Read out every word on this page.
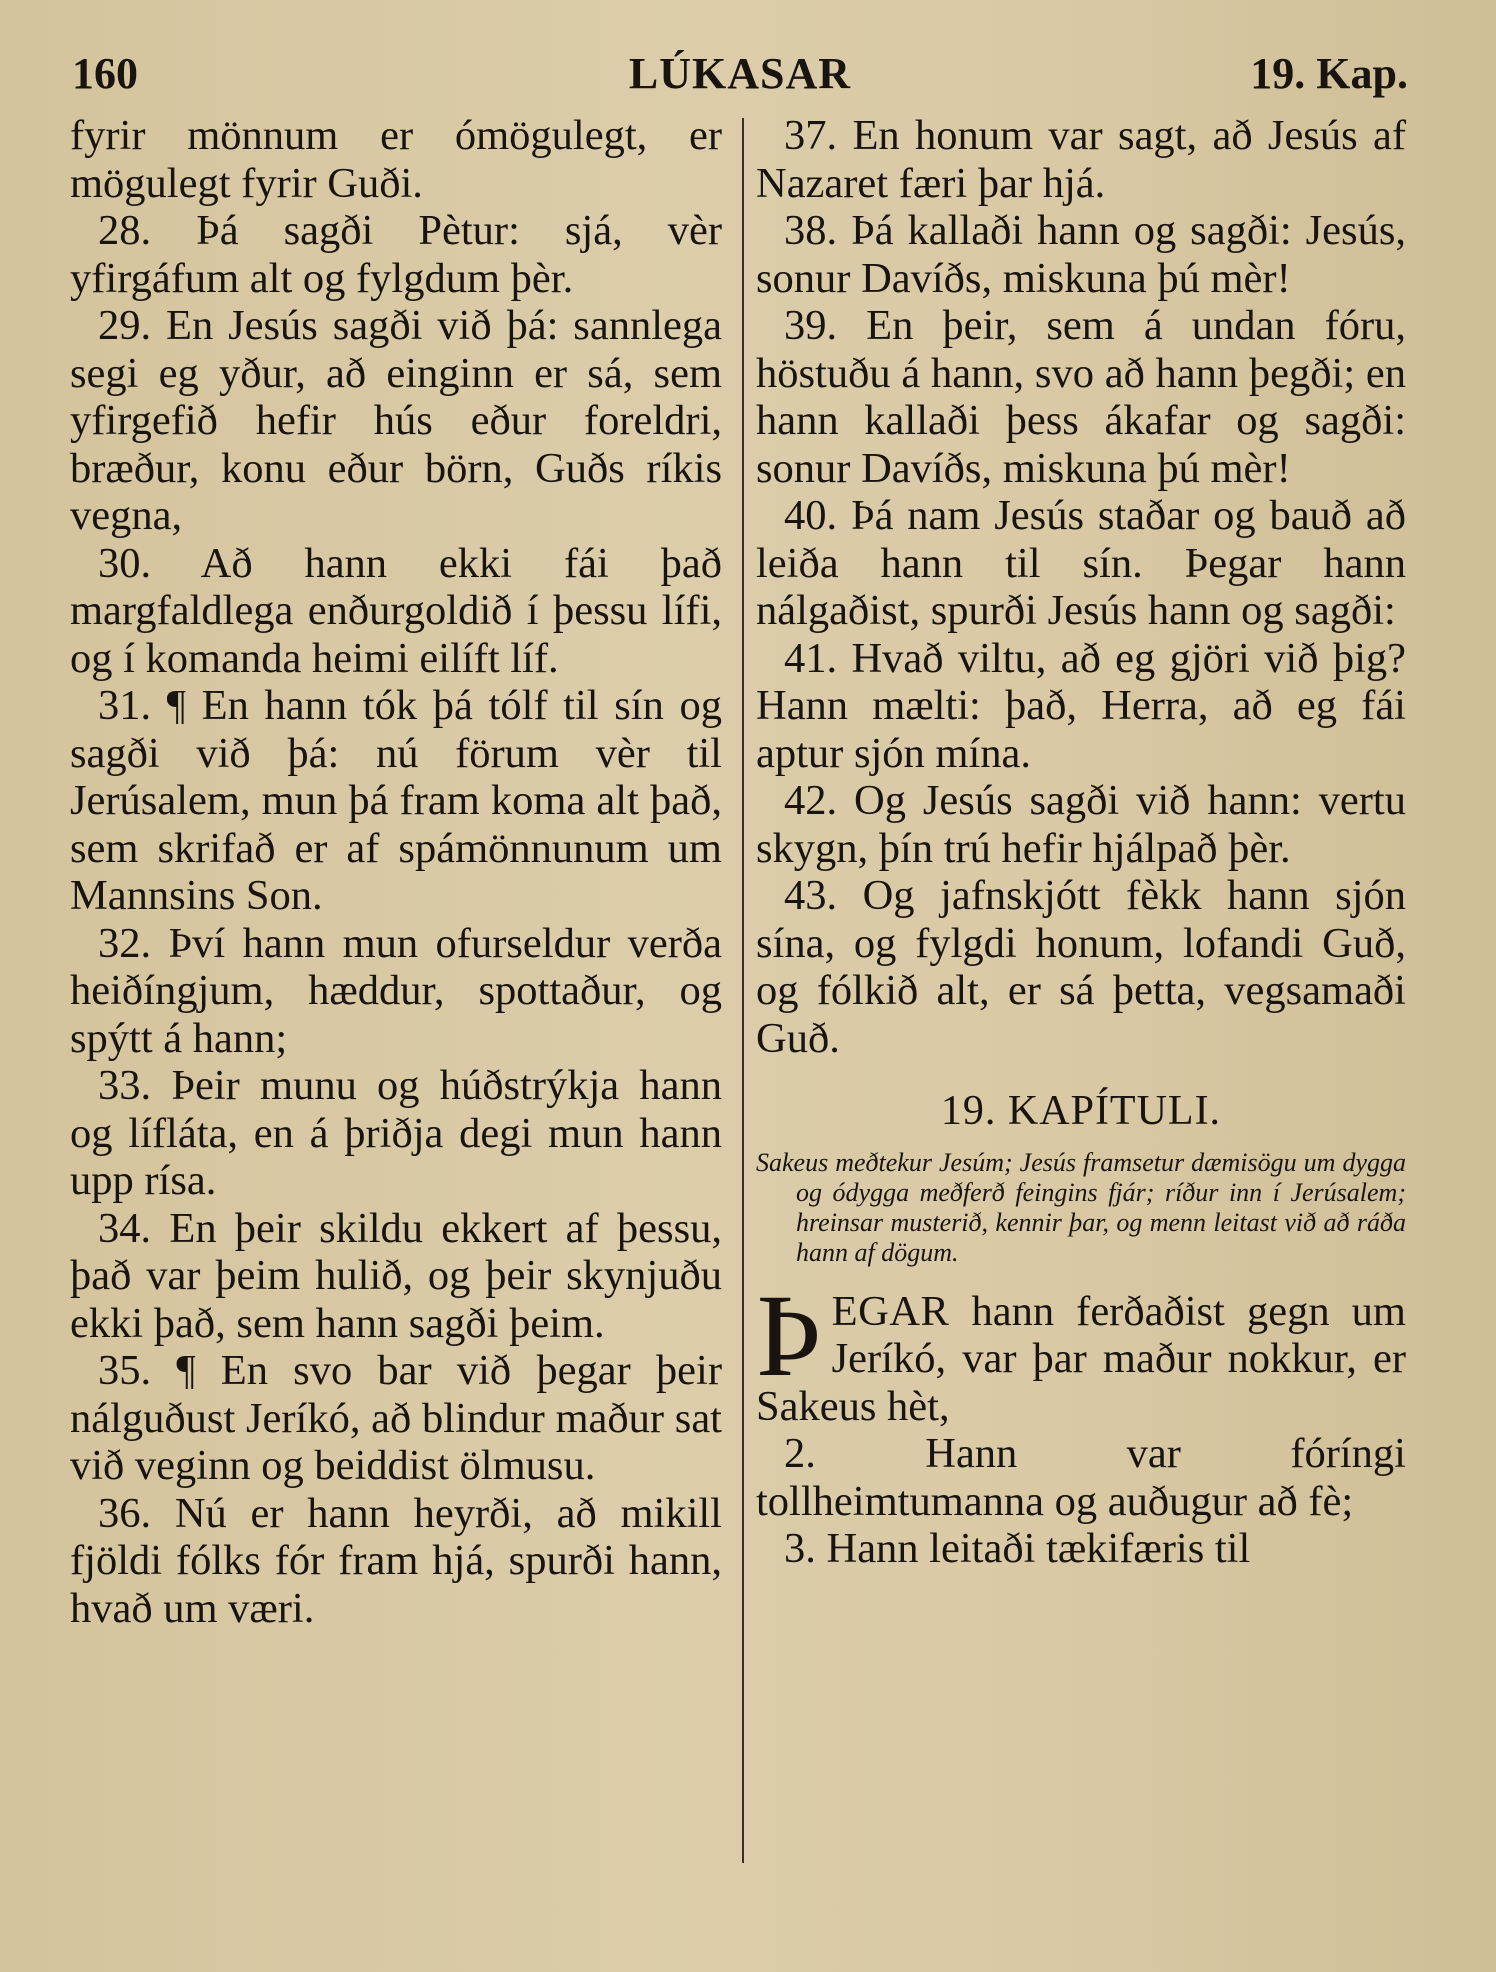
160	LÚKASAR	19. Kap.

fyrir mönnum er ómögulegt, er mögulegt fyrir Guði.

28. Þá sagði Pètur: sjá, vèr yfirgáfum alt og fylgdum þèr.

29. En Jesús sagði við þá: sannlega segi eg yður, að einginn er sá, sem yfirgefið hefir hús eður foreldri, bræður, konu eður börn, Guðs ríkis vegna,

30. Að hann ekki fái það margfaldlega enðurgoldið í þessu lífi, og í komanda heimi eilíft líf.

31. ¶ En hann tók þá tólf til sín og sagði við þá: nú förum vèr til Jerúsalem, mun þá fram koma alt það, sem skrifað er af spámönnunum um Mannsins Son.

32. Því hann mun ofurseldur verða heiðíngjum, hæddur, spottaður, og spýtt á hann;

33. Þeir munu og húðstrýkja hann og lífláta, en á þriðja degi mun hann upp rísa.

34. En þeir skildu ekkert af þessu, það var þeim hulið, og þeir skynjuðu ekki það, sem hann sagði þeim.

35. ¶ En svo bar við þegar þeir nálguðust Jeríkó, að blindur maður sat við veginn og beiddist ölmusu.

36. Nú er hann heyrði, að mikill fjöldi fólks fór fram hjá, spurði hann, hvað um væri.

37. En honum var sagt, að Jesús af Nazaret færi þar hjá.

38. Þá kallaði hann og sagði: Jesús, sonur Davíðs, miskuna þú mèr!

39. En þeir, sem á undan fóru, höstuðu á hann, svo að hann þegði; en hann kallaði þess ákafar og sagði: sonur Davíðs, miskuna þú mèr!

40. Þá nam Jesús staðar og bauð að leiða hann til sín. Þegar hann nálgaðist, spurði Jesús hann og sagði:

41. Hvað viltu, að eg gjöri við þig? Hann mælti: það, Herra, að eg fái aptur sjón mína.

42. Og Jesús sagði við hann: vertu skygn, þín trú hefir hjálpað þèr.

43. Og jafnskjótt fèkk hann sjón sína, og fylgdi honum, lofandi Guð, og fólkið alt, er sá þetta, vegsamaði Guð.

19. KAPÍTULI.

Sakeus meðtekur Jesúm; Jesús framsetur dæmisögu um dygga og ódygga meðferð feingins fjár; ríður inn í Jerúsalem; hreinsar musterið, kennir þar, og menn leitast við að ráða hann af dögum.

ÞEGAR hann ferðaðist gegn um Jeríkó, var þar maður nokkur, er Sakeus hèt,

2. Hann var fóríngi tollheimtumanna og auðugur að fè;

3. Hann leitaði tækifæris til
